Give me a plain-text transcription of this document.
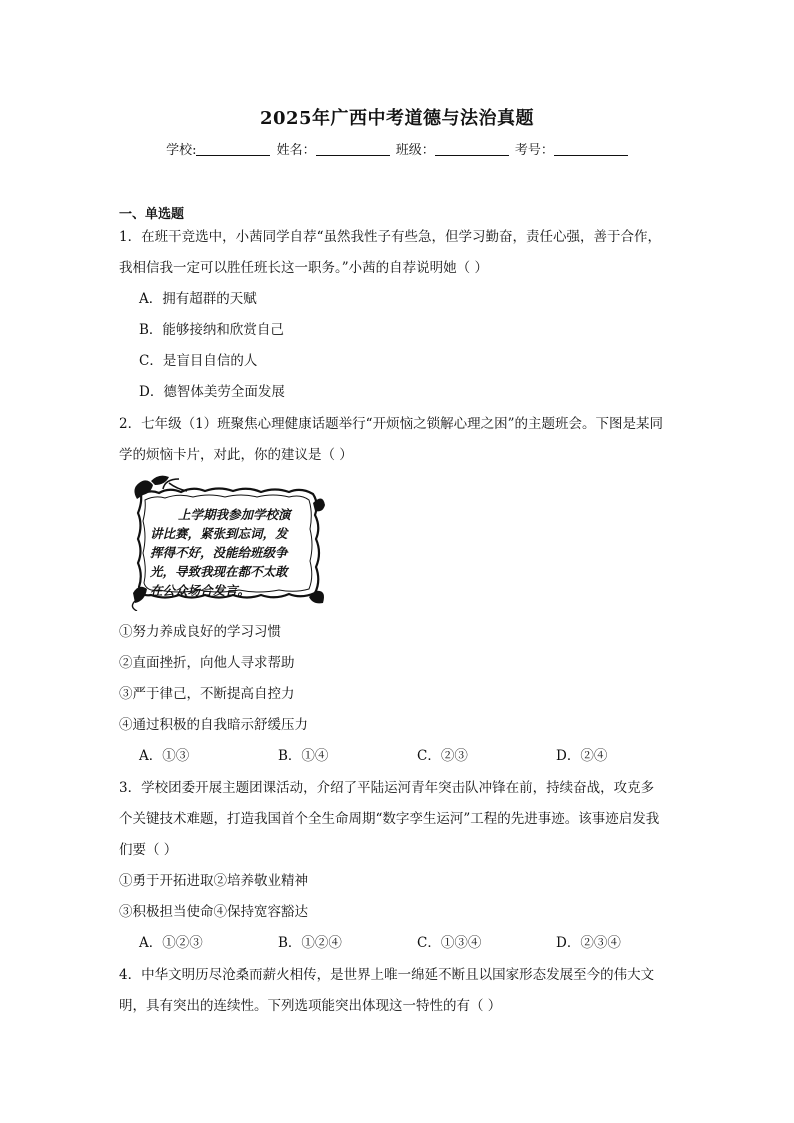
2025年广西中考道德与法治真题
学校:	姓名：	班级：	考号：
一、单选题
1．在班干竞选中，小茜同学自荐“虽然我性子有些急，但学习勤奋，责任心强，善于合作，
我相信我一定可以胜任班长这一职务。”小茜的自荐说明她（ ）
A．拥有超群的天赋
B．能够接纳和欣赏自己
C．是盲目自信的人
D．德智体美劳全面发展
2．七年级（1）班聚焦心理健康话题举行“开烦恼之锁解心理之困”的主题班会。下图是某同
学的烦恼卡片，对此，你的建议是（ ）
上学期我参加学校演
讲比赛，紧张到忘词，发
挥得不好，没能给班级争
光，导致我现在都不太敢
在公众场合发言。
①努力养成良好的学习习惯
②直面挫折，向他人寻求帮助
③严于律己，不断提高自控力
④通过积极的自我暗示舒缓压力
A．①③	B．①④	C．②③	D．②④
3．学校团委开展主题团课活动，介绍了平陆运河青年突击队冲锋在前，持续奋战，攻克多
个关键技术难题，打造我国首个全生命周期“数字孪生运河”工程的先进事迹。该事迹启发我
们要（ ）
①勇于开拓进取②培养敬业精神
③积极担当使命④保持宽容豁达
A．①②③	B．①②④	C．①③④	D．②③④
4．中华文明历尽沧桑而薪火相传，是世界上唯一绵延不断且以国家形态发展至今的伟大文
明，具有突出的连续性。下列选项能突出体现这一特性的有（ ）
